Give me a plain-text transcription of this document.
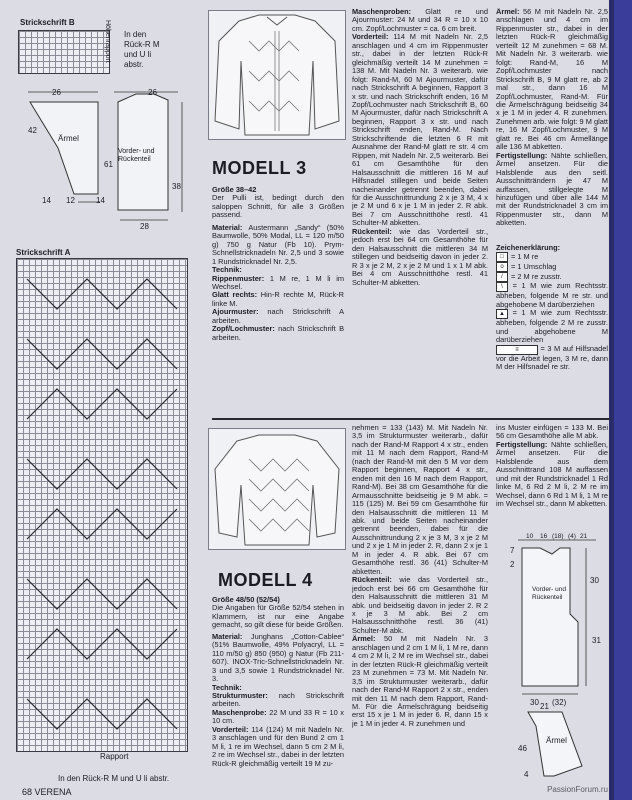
Strickschrift B	Höhenrapport In den Rück-R M und U li abstr.
26	26
42
61
Ärmel
14 12
Vorder- und Rückenteil
38
14
28
Strickschrift A
Rapport
In den Rück-R M und U li abstr.
MODELL 3

Größe 38–42

Der Pulli ist, bedingt durch den saloppen Schnitt, für alle 3 Größen passend.

Material: Austermann „Sandy“ (50% Baumwolle, 50% Modal, LL = 120 m/50 g) 750 g Natur (Fb 10). Prym-Schnellstricknadeln Nr. 2,5 und 3 sowie 1 Rundstricknadel Nr. 2,5.

Technik:

Rippenmuster: 1 M re, 1 M li im Wechsel.

Glatt rechts: Hin-R rechte M, Rück-R linke M.

Ajourmuster: nach Strickschrift A arbeiten.

Zopf/Lochmuster: nach Strickschrift B arbeiten.

Maschenproben: Glatt re und Ajourmuster: 24 M und 34 R = 10 x 10 cm. Zopf/Lochmuster = ca. 6 cm breit.

Vorderteil: 114 M mit Nadeln Nr. 2,5 anschlagen und 4 cm im Rippenmuster str., dabei in der letzten Rück-R gleichmäßig verteilt 14 M zunehmen = 138 M. Mit Nadeln Nr. 3 weiterarb. wie folgt: Rand-M, 60 M Ajourmuster, dafür nach Strickschrift A beginnen, Rapport 3 x str. und nach Strickschrift enden, 16 M Zopf/Lochmuster nach Strickschrift B, 60 M Ajourmuster, dafür nach Strickschrift A beginnen, Rapport 3 x str. und nach Strickschrift enden, Rand-M. Nach Strickschriftende die letzten 6 R mit Ausnahme der Rand-M glatt re str. 4 cm Rippen, mit Nadeln Nr. 2,5 weiterarb. Bei 61 cm Gesamthöhe für den Halsausschnitt die mittleren 16 M auf Hilfsnadel stillegen und beide Seiten nacheinander getrennt beenden, dabei für die Ausschnittrundung 2 x je 3 M, 4 x je 2 M und 6 x je 1 M in jeder 2. R abk. Bei 7 cm Ausschnitthöhe restl. 41 Schulter-M abketten.

Rückenteil: wie das Vorderteil str., jedoch erst bei 64 cm Gesamthöhe für den Halsausschnitt die mittleren 34 M stillegen und beidseitig davon in jeder 2. R 3 x je 2 M, 2 x je 2 M und 1 x 1 M abk. Bei 4 cm Ausschnitthöhe restl. 41 Schulter-M abketten.

Ärmel: 56 M mit Nadeln Nr. 2,5 anschlagen und 4 cm im Rippenmuster str., dabei in der letzten Rück-R gleichmäßig verteilt 12 M zunehmen = 68 M. Mit Nadeln Nr. 3 weiterarb. wie folgt: Rand-M, 16 M Zopf/Lochmuster nach Strickschrift B, 9 M glatt re, ab 2 mal str., dann 16 M Zopf/Lochmuster, Rand-M. Für die Ärmelschrägung beidseitig 34 x je 1 M in jeder 4. R zunehmen. Zunehmen arb. wie folgt: 9 M glatt re, 16 M Zopf/Lochmuster, 9 M glatt re. Bei 46 cm Ärmellänge alle 136 M abketten.

Fertigstellung: Nähte schließen, Ärmel ansetzen. Für die Halsblende aus den seitl. Ausschnitträndern je 47 M auffassen, stillgelegte M hinzufügen und über alle 144 M mit der Rundstricknadel 3 cm im Rippenmuster str., dann M abketten.

Zeichenerklärung:

□ = 1 M re
o = 1 Umschlag
/	= 2 M re zusstr.

\ = 1 M wie zum Rechtsstr. abheben, folgende M re str. und abgehobene M darüberziehen

▲ = 1 M wie zum Rechtsstr. abheben, folgende 2 M re zusstr. und abgehobene M darüberziehen

≡	= 3 M auf Hilfsnadel vor die Arbeit legen, 3 M re, dann M der Hilfsnadel re str.

MODELL 4

Größe 48/50 (52/54)

Die Angaben für Größe 52/54 stehen in Klammern, ist nur eine Angabe gemacht, so gilt diese für beide Größen.

Material: Junghans „Cotton-Cablee“ (51% Baumwolle, 49% Polyacryl, LL = 110 m/50 g) 850 (950) g Natur (Fb 211-607). INOX-Tric-Schnellstricknadeln Nr. 3 und 3,5 sowie 1 Rundstricknadel Nr. 3.

Technik:

Strukturmuster: nach Strickschrift arbeiten.

Maschenprobe: 22 M und 33 R = 10 x 10 cm.

Vorderteil: 114 (124) M mit Nadeln Nr. 3 anschlagen und für den Bund 2 cm 1 M li, 1 re im Wechsel, dann 5 cm 2 M li, 2 re im Wechsel str., dabei in der letzten Rück-R gleichmäßig verteilt 19 M zu-

nehmen = 133 (143) M. Mit Nadeln Nr. 3,5 im Strukturmuster weiterarb., dafür nach der Rand-M Rapport 4 x str., enden mit 11 M nach dem Rapport, Rand-M (nach der Rand-M mit den 5 M vor dem Rapport beginnen, Rapport 4 x str., enden mit den 16 M nach dem Rapport, Rand-M). Bei 38 cm Gesamthöhe für die Armausschnitte beidseitig je 9 M abk. = 115 (125) M. Bei 59 cm Gesamthöhe für den Halsausschnitt die mittleren 11 M abk. und beide Seiten nacheinander getrennt beenden, dabei für die Ausschnittrundung 2 x je 3 M, 3 x je 2 M und 2 x je 1 M in jeder 2. R, dann 2 x je 1 M in jeder 4. R abk. Bei 67 cm Gesamthöhe restl. 36 (41) Schulter-M abketten.

Rückenteil: wie das Vorderteil str., jedoch erst bei 66 cm Gesamthöhe für den Halsausschnitt die mittleren 31 M abk. und beidseitig davon in jeder 2. R 2 x je 3 M abk. Bei 2 cm Halsausschnitthöhe restl. 36 (41) Schulter-M abk.

Ärmel: 50 M mit Nadeln Nr. 3 anschlagen und 2 cm 1 M li, 1 M re, dann 4 cm 2 M li, 2 M re im Wechsel str., dabei in der letzten Rück-R gleichmäßig verteilt 23 M zunehmen = 73 M. Mit Nadeln Nr. 3,5 im Strukturmuster weiterarb., dafür nach der Rand-M Rapport 2 x str., enden mit den 11 M nach dem Rapport, Rand-M. Für die Ärmelschrägung beidseitig erst 15 x je 1 M in jeder 6. R, dann 15 x je 1 M in jeder 4. R zunehmen und

ins Muster einfügen = 133 M. Bei 56 cm Gesamthöhe alle M abk.

Fertigstellung: Nähte schließen, Ärmel ansetzen. Für die Halsblende aus dem Ausschnittrand 108 M auffassen und mit der Rundstricknadel 1 Rd linke M, 6 Rd 2 M li, 2 M re im Wechsel, dann 6 Rd 1 M li, 1 M re im Wechsel str., dann M abketten.

10 16 (18) (4) 21
Vorder- und Rückenteil
7
2
30
31
30 (32)
21
Ärmel
46
4
68 VERENA	PassionForum.ru
